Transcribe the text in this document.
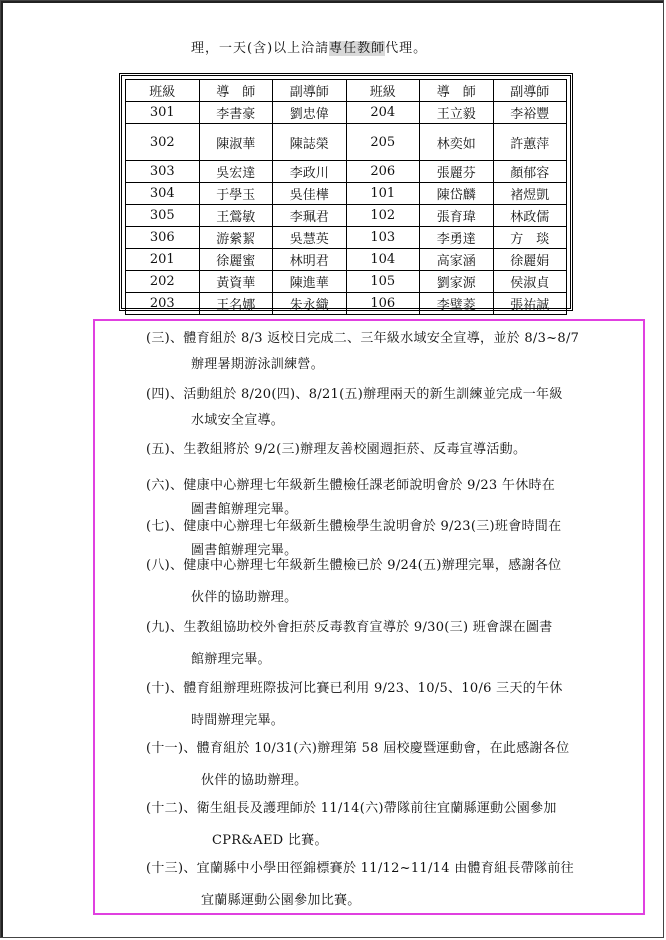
理，一天(含)以上洽請專任教師代理。
班級	導　師	副導師	班級	導　師	副導師
301	李書豪	劉忠偉	204	王立毅	李裕豐
302	陳淑華	陳誌榮	205	林奕如	許蕙萍
303	吳宏達	李政川	206	張麗芬	顏郁容
304	于學玉	吳佳樺	101	陳岱麟	褚煜凱
305	王鶯敏	李珮君	102	張育瑋	林政儒
306	游縈絜	吳慧英	103	李勇達	方　琰
201	徐麗蜜	林明君	104	高家涵	徐麗娟
202	黃資華	陳進華	105	劉家源	侯淑貞
203	王名娜	朱永織	106	李璧菱	張祐誠
(三)、體育組於 8/3 返校日完成二、三年級水域安全宣導，並於 8/3~8/7
辦理暑期游泳訓練營。
(四)、活動組於 8/20(四)、8/21(五)辦理兩天的新生訓練並完成一年級
水域安全宣導。
(五)、生教組將於 9/2(三)辦理友善校園週拒菸、反毒宣導活動。
(六)、健康中心辦理七年級新生體檢任課老師說明會於 9/23 午休時在
圖書館辦理完畢。
(七)、健康中心辦理七年級新生體檢學生說明會於 9/23(三)班會時間在
圖書館辦理完畢。
(八)、健康中心辦理七年級新生體檢已於 9/24(五)辦理完畢，感謝各位
伙伴的協助辦理。
(九)、生教組協助校外會拒菸反毒教育宣導於 9/30(三) 班會課在圖書
館辦理完畢。
(十)、體育組辦理班際拔河比賽已利用 9/23、10/5、10/6 三天的午休
時間辦理完畢。
(十一)、體育組於 10/31(六)辦理第 58 屆校慶暨運動會，在此感謝各位
伙伴的協助辦理。
(十二)、衛生組長及護理師於 11/14(六)帶隊前往宜蘭縣運動公園參加
CPR&AED 比賽。
(十三)、宜蘭縣中小學田徑錦標賽於 11/12~11/14 由體育組長帶隊前往
宜蘭縣運動公園參加比賽。
